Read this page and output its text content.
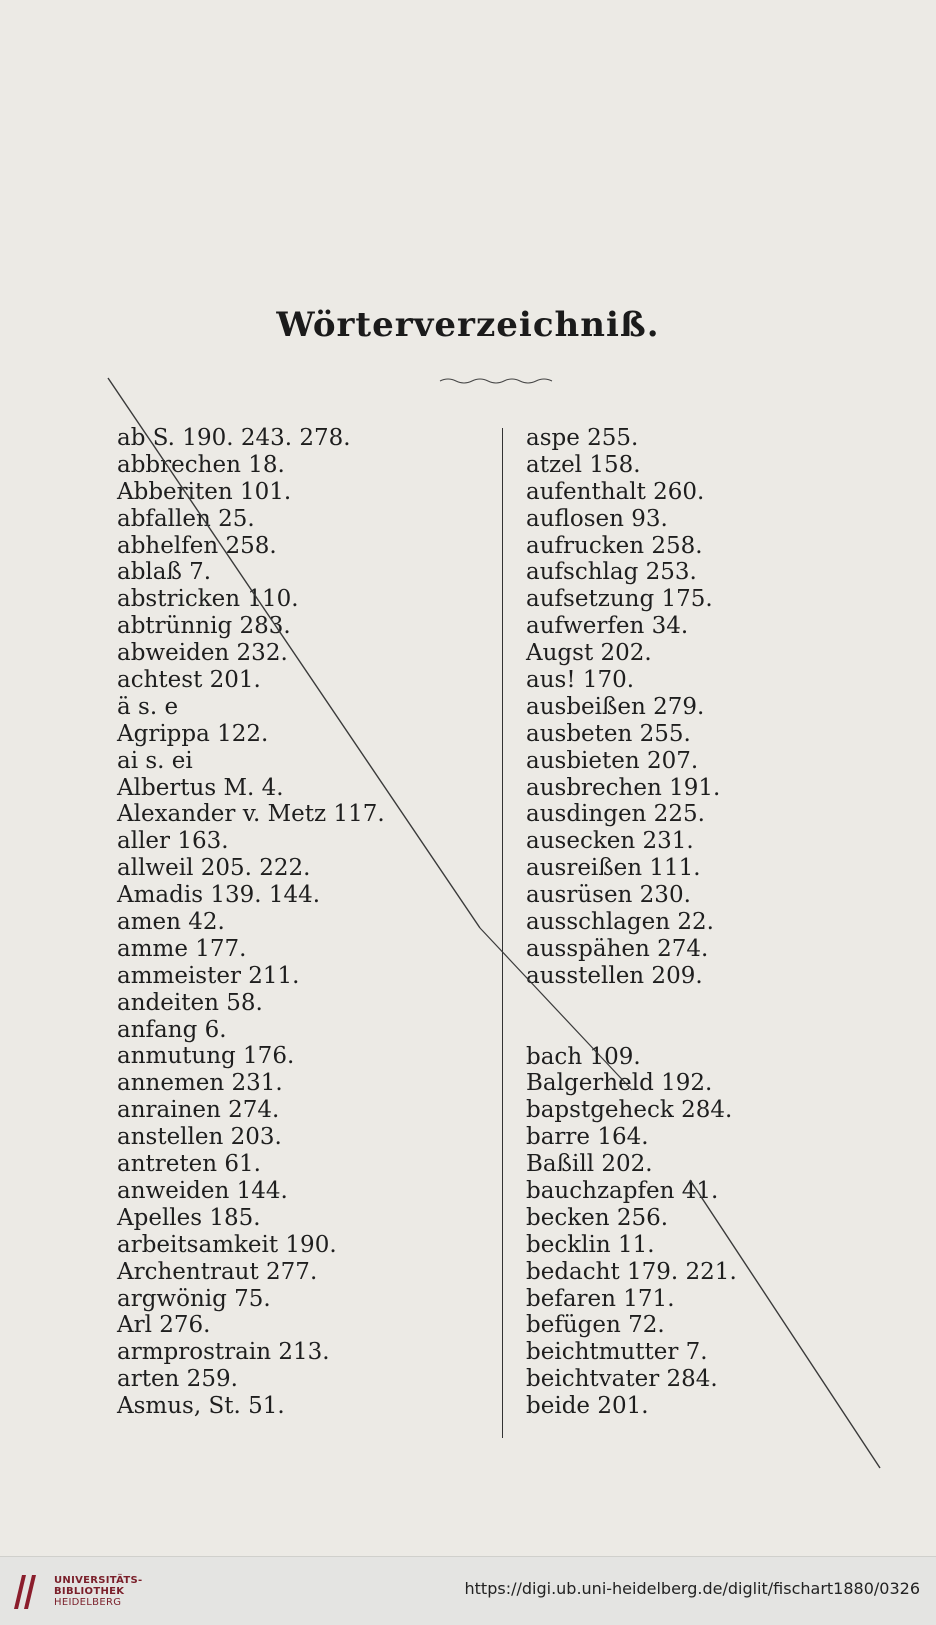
Wörterverzeichniß.
ab S. 190. 243. 278.
abbrechen 18.
Abberiten 101.
abfallen 25.
abhelfen 258.
ablaß 7.
abstricken 110.
abtrünnig 283.
abweiden 232.
achtest 201.
ä s. e
Agrippa 122.
ai s. ei
Albertus M. 4.
Alexander v. Metz 117.
aller 163.
allweil 205. 222.
Amadis 139. 144.
amen 42.
amme 177.
ammeister 211.
andeiten 58.
anfang 6.
anmutung 176.
annemen 231.
anrainen 274.
anstellen 203.
antreten 61.
anweiden 144.
Apelles 185.
arbeitsamkeit 190.
Archentraut 277.
argwönig 75.
Arl 276.
armprostrain 213.
arten 259.
Asmus, St. 51.
aspe 255.
atzel 158.
aufenthalt 260.
auflosen 93.
aufrucken 258.
aufschlag 253.
aufsetzung 175.
aufwerfen 34.
Augst 202.
aus! 170.
ausbeißen 279.
ausbeten 255.
ausbieten 207.
ausbrechen 191.
ausdingen 225.
ausecken 231.
ausreißen 111.
ausrüsen 230.
ausschlagen 22.
ausspähen 274.
ausstellen 209.
bach 109.
Balgerheld 192.
bapstgeheck 284.
barre 164.
Baßill 202.
bauchzapfen 41.
becken 256.
becklin 11.
bedacht 179. 221.
befaren 171.
befügen 72.
beichtmutter 7.
beichtvater 284.
beide 201.
UNIVERSITÄTS-
BIBLIOTHEK
HEIDELBERG
https://digi.ub.uni-heidelberg.de/diglit/fischart1880/0326
